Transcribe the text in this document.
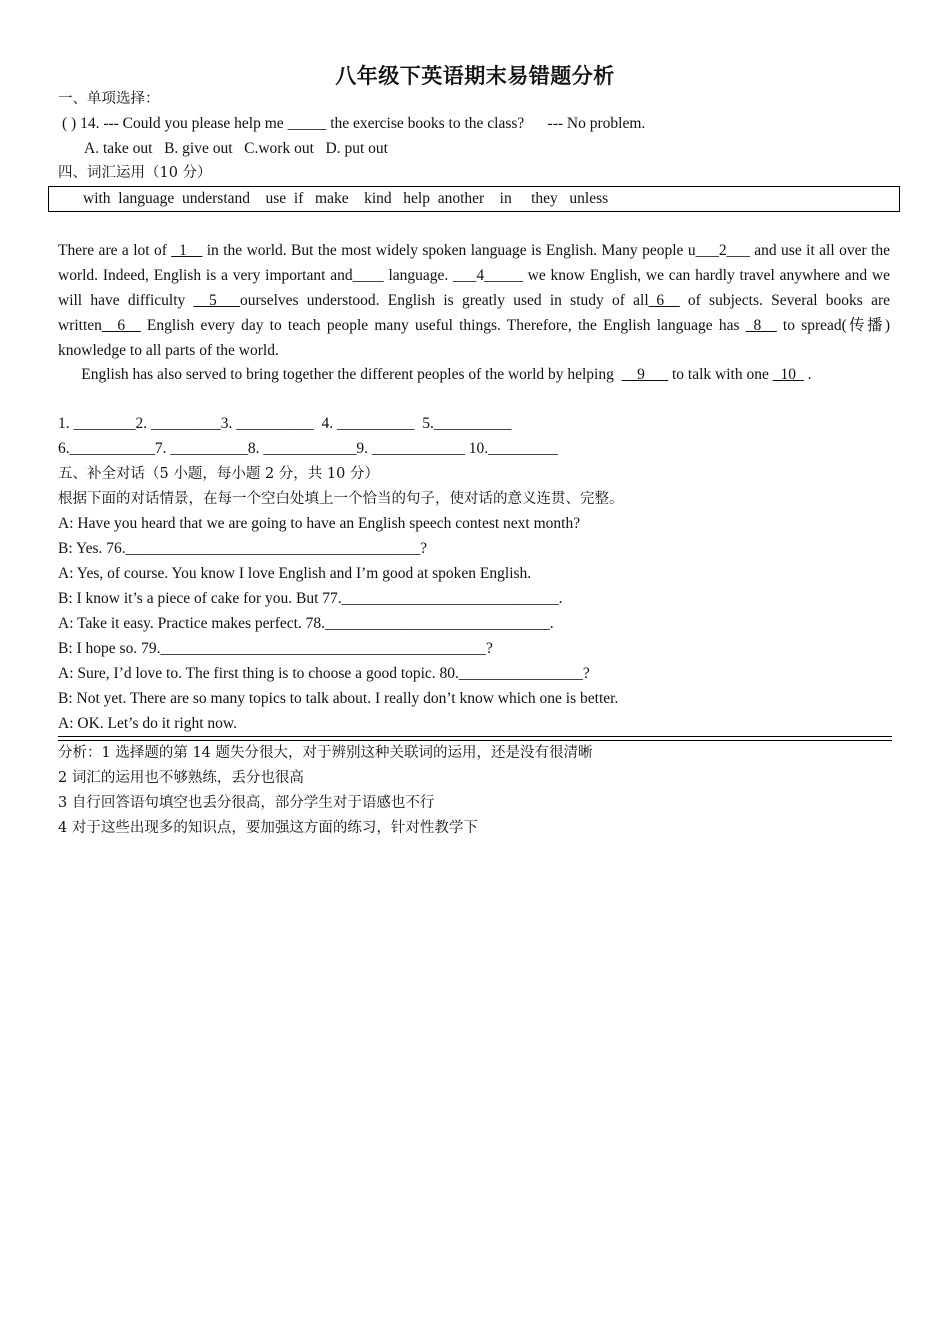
八年级下英语期末易错题分析
一、单项选择：
( ) 14. --- Could you please help me _____ the exercise books to the class?      --- No problem.
A. take out   B. give out   C.work out   D. put out
四、词汇运用（10 分）
with  language  understand    use  if   make    kind   help  another    in     they   unless
There are a lot of _1__ in the world. But the most widely spoken language is English. Many people u___2___ and use it all over the world. Indeed, English is a very important and____ language. ___4_____ we know English, we can hardly travel anywhere and we will have difficulty __5___ourselves understood. English is greatly used in study of all_6__ of subjects. Several books are written__6__ English every day to teach people many useful things. Therefore, the English language has _8__ to spread(传播) knowledge to all parts of the world.
English has also served to bring together the different peoples of the world by helping  __9___ to talk with one _10_ .
1. ________2. _________3. __________  4. __________  5.__________
6.___________7. __________8. ____________9. ____________ 10._________
五、补全对话（5 小题，每小题 2 分，共 10 分）
根据下面的对话情景，在每一个空白处填上一个恰当的句子，使对话的意义连贯、完整。
A: Have you heard that we are going to have an English speech contest next month?
B: Yes. 76.______________________________________?
A: Yes, of course. You know I love English and I’m good at spoken English.
B: I know it’s a piece of cake for you. But 77.____________________________.
A: Take it easy. Practice makes perfect. 78._____________________________.
B: I hope so. 79.__________________________________________?
A: Sure, I’d love to. The first thing is to choose a good topic. 80.________________?
B: Not yet. There are so many topics to talk about. I really don’t know which one is better.
A: OK. Let’s do it right now.
分析：1 选择题的第 14 题失分很大，对于辨别这种关联词的运用，还是没有很清晰
2 词汇的运用也不够熟练，丢分也很高
3 自行回答语句填空也丢分很高，部分学生对于语感也不行
4 对于这些出现多的知识点，要加强这方面的练习，针对性教学下
